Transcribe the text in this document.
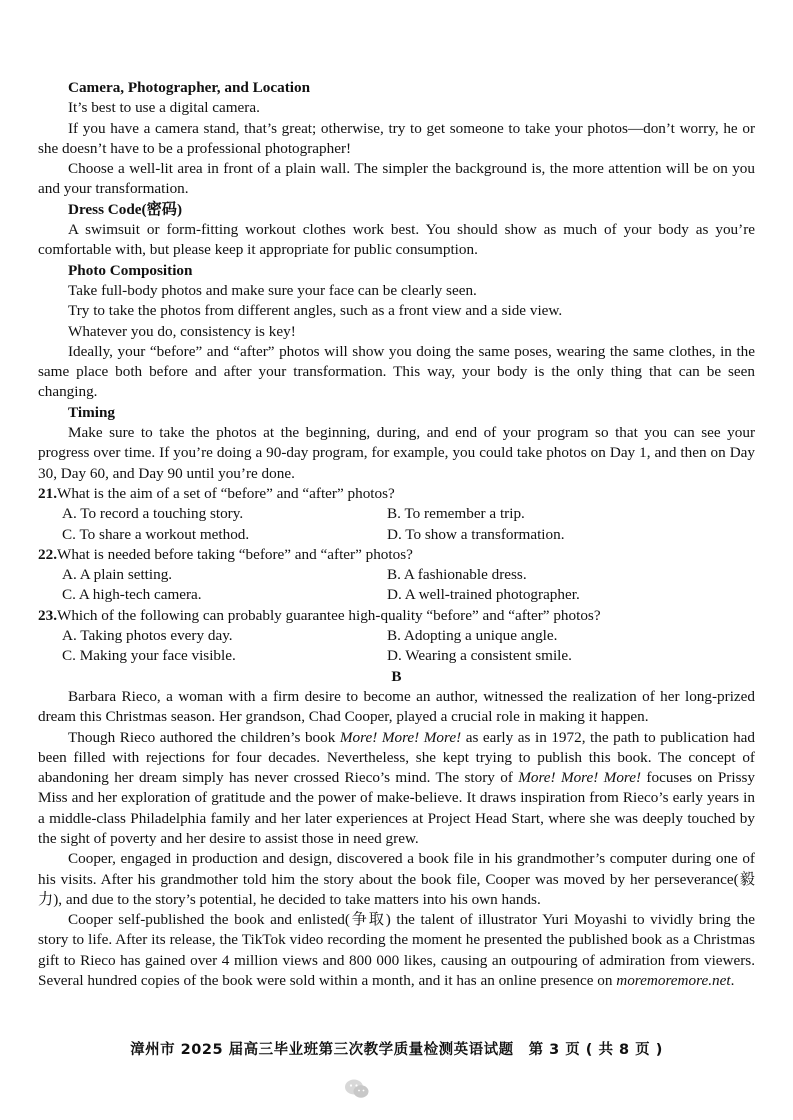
Camera, Photographer, and Location

It’s best to use a digital camera.

If you have a camera stand, that’s great; otherwise, try to get someone to take your photos—don’t worry, he or she doesn’t have to be a professional photographer!

Choose a well-lit area in front of a plain wall. The simpler the background is, the more attention will be on you and your transformation.

Dress Code(密码)

A swimsuit or form-fitting workout clothes work best. You should show as much of your body as you’re comfortable with, but please keep it appropriate for public consumption.

Photo Composition

Take full-body photos and make sure your face can be clearly seen.

Try to take the photos from different angles, such as a front view and a side view.

Whatever you do, consistency is key!

Ideally, your “before” and “after” photos will show you doing the same poses, wearing the same clothes, in the same place both before and after your transformation. This way, your body is the only thing that can be seen changing.

Timing

Make sure to take the photos at the beginning, during, and end of your program so that you can see your progress over time. If you’re doing a 90-day program, for example, you could take photos on Day 1, and then on Day 30, Day 60, and Day 90 until you’re done.

21.What is the aim of a set of “before” and “after” photos?

A. To record a touching story.	B. To remember a trip.
C. To share a workout method.	D. To show a transformation.

22.What is needed before taking “before” and “after” photos?

A. A plain setting.	B. A fashionable dress.
C. A high-tech camera.	D. A well-trained photographer.

23.Which of the following can probably guarantee high-quality “before” and “after” photos?

A. Taking photos every day.	B. Adopting a unique angle.
C. Making your face visible.	D. Wearing a consistent smile.

B

Barbara Rieco, a woman with a firm desire to become an author, witnessed the realization of her long-prized dream this Christmas season. Her grandson, Chad Cooper, played a crucial role in making it happen.

Though Rieco authored the children’s book More! More! More! as early as in 1972, the path to publication had been filled with rejections for four decades. Nevertheless, she kept trying to publish this book. The concept of abandoning her dream simply has never crossed Rieco’s mind. The story of More! More! More! focuses on Prissy Miss and her exploration of gratitude and the power of make-believe. It draws inspiration from Rieco’s early years in a middle-class Philadelphia family and her later experiences at Project Head Start, where she was deeply touched by the sight of poverty and her desire to assist those in need grew.

Cooper, engaged in production and design, discovered a book file in his grandmother’s computer during one of his visits. After his grandmother told him the story about the book file, Cooper was moved by her perseverance(毅力), and due to the story’s potential, he decided to take matters into his own hands.

Cooper self-published the book and enlisted(争取) the talent of illustrator Yuri Moyashi to vividly bring the story to life. After its release, the TikTok video recording the moment he presented the published book as a Christmas gift to Rieco has gained over 4 million views and 800 000 likes, causing an outpouring of admiration from viewers. Several hundred copies of the book were sold within a month, and it has an online presence on moremoremore.net.

漳州市 2025 届高三毕业班第三次教学质量检测英语试题　第 3 页 ( 共 8 页 )
